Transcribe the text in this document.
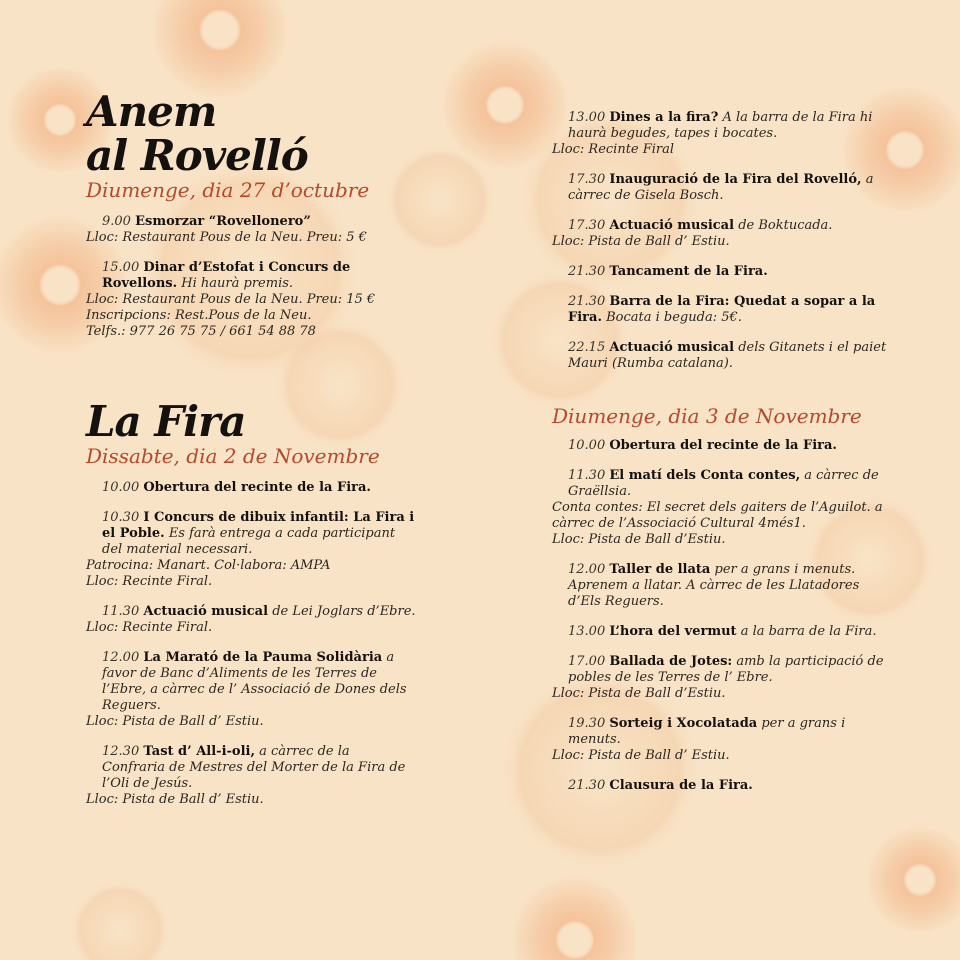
Anem
al Rovelló
Diumenge, dia 27 d’octubre
9.00 Esmorzar “Rovellonero”
Lloc: Restaurant Pous de la Neu. Preu: 5 €
15.00 Dinar d’Estofat i Concurs de Rovellons. Hi haurà premis.
Lloc: Restaurant Pous de la Neu. Preu: 15 €
Inscripcions: Rest.Pous de la Neu.
Telfs.: 977 26 75 75 / 661 54 88 78
La Fira
Dissabte, dia 2 de Novembre
10.00 Obertura del recinte de la Fira.
10.30 I Concurs de dibuix infantil: La Fira i el Poble. Es farà entrega a cada participant del material necessari.
Patrocina: Manart. Col·labora: AMPA
Lloc: Recinte Firal.
11.30 Actuació musical de Lei Joglars d’Ebre.
Lloc: Recinte Firal.
12.00 La Marató de la Pauma Solidària a favor de Banc d’Aliments de les Terres de l’Ebre, a càrrec de l’ Associació de Dones dels Reguers.
Lloc: Pista de Ball d’ Estiu.
12.30 Tast d’ All-i-oli, a càrrec de la Confraria de Mestres del Morter de la Fira de l’Oli de Jesús.
Lloc: Pista de Ball d’ Estiu.
13.00 Dines a la fira? A la barra de la Fira hi haurà begudes, tapes i bocates.
Lloc: Recinte Firal
17.30 Inauguració de la Fira del Rovelló, a càrrec de Gisela Bosch.
17.30 Actuació musical de Boktucada.
Lloc: Pista de Ball d’ Estiu.
21.30 Tancament de la Fira.
21.30 Barra de la Fira: Quedat a sopar a la Fira. Bocata i beguda: 5€.
22.15 Actuació musical dels Gitanets i el paiet Mauri (Rumba catalana).
Diumenge, dia 3 de Novembre
10.00 Obertura del recinte de la Fira.
11.30 El matí dels Conta contes, a càrrec de Graëllsia.
Conta contes: El secret dels gaiters de l’Aguilot. a càrrec de l’Associació Cultural 4més1.
Lloc: Pista de Ball d’Estiu.
12.00 Taller de llata per a grans i menuts. Aprenem a llatar. A càrrec de les Llatadores d’Els Reguers.
13.00 L’hora del vermut a la barra de la Fira.
17.00 Ballada de Jotes: amb la participació de pobles de les Terres de l’ Ebre.
Lloc: Pista de Ball d’Estiu.
19.30 Sorteig i Xocolatada per a grans i menuts.
Lloc: Pista de Ball d’ Estiu.
21.30 Clausura de la Fira.
